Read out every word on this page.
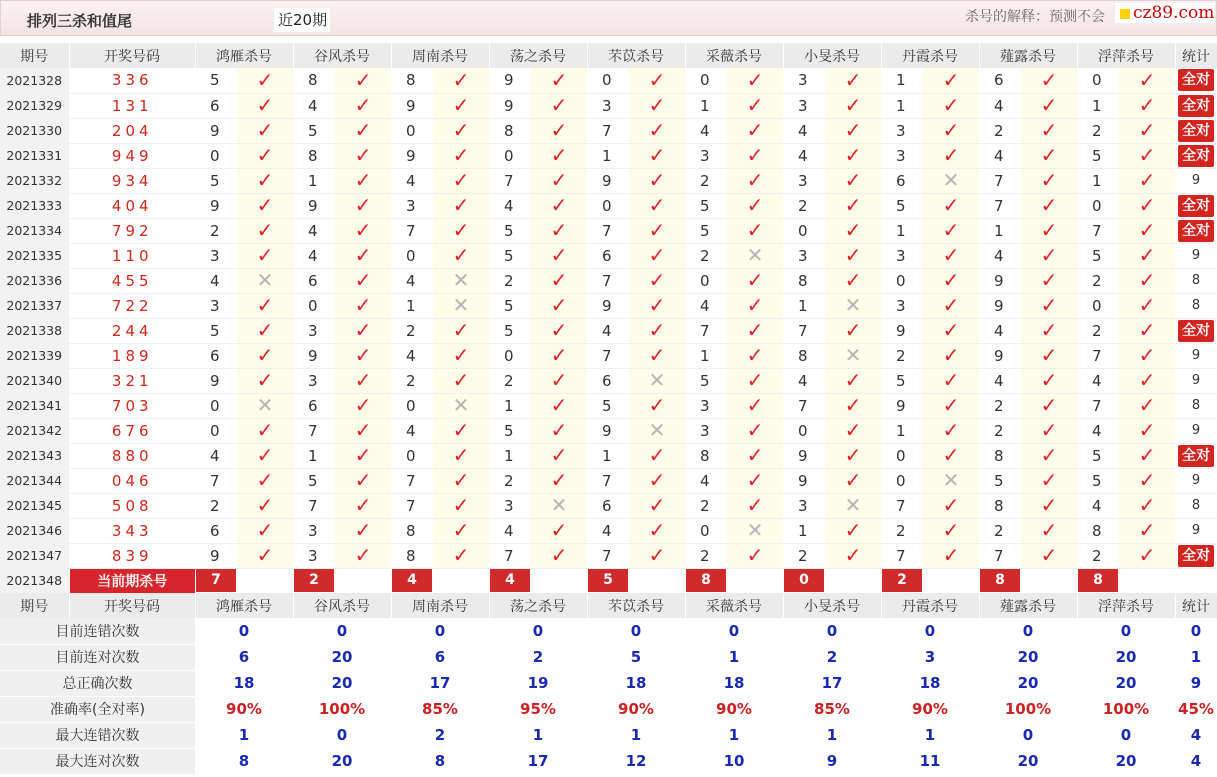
排列三杀和值尾	近20期	杀号的解释：预测不会	cz89.com
期号	开奖号码	鸿雁杀号		谷风杀号		周南杀号		荡之杀号		芣苡杀号		采薇杀号		小旻杀号		丹霞杀号		薤露杀号		浮萍杀号		统计
2021328	336	5	✓	8	✓	8	✓	9	✓	0	✓	0	✓	3	✓	1	✓	6	✓	0	✓	全对
2021329	131	6	✓	4	✓	9	✓	9	✓	3	✓	1	✓	3	✓	1	✓	4	✓	1	✓	全对
2021330	204	9	✓	5	✓	0	✓	8	✓	7	✓	4	✓	4	✓	3	✓	2	✓	2	✓	全对
2021331	949	0	✓	8	✓	9	✓	0	✓	1	✓	3	✓	4	✓	3	✓	4	✓	5	✓	全对
2021332	934	5	✓	1	✓	4	✓	7	✓	9	✓	2	✓	3	✓	6	✕	7	✓	1	✓	9
2021333	404	9	✓	9	✓	3	✓	4	✓	0	✓	5	✓	2	✓	5	✓	7	✓	0	✓	全对
2021334	792	2	✓	4	✓	7	✓	5	✓	7	✓	5	✓	0	✓	1	✓	1	✓	7	✓	全对
2021335	110	3	✓	4	✓	0	✓	5	✓	6	✓	2	✕	3	✓	3	✓	4	✓	5	✓	9
2021336	455	4	✕	6	✓	4	✕	2	✓	7	✓	0	✓	8	✓	0	✓	9	✓	2	✓	8
2021337	722	3	✓	0	✓	1	✕	5	✓	9	✓	4	✓	1	✕	3	✓	9	✓	0	✓	8
2021338	244	5	✓	3	✓	2	✓	5	✓	4	✓	7	✓	7	✓	9	✓	4	✓	2	✓	全对
2021339	189	6	✓	9	✓	4	✓	0	✓	7	✓	1	✓	8	✕	2	✓	9	✓	7	✓	9
2021340	321	9	✓	3	✓	2	✓	2	✓	6	✕	5	✓	4	✓	5	✓	4	✓	4	✓	9
2021341	703	0	✕	6	✓	0	✕	1	✓	5	✓	3	✓	7	✓	9	✓	2	✓	7	✓	8
2021342	676	0	✓	7	✓	4	✓	5	✓	9	✕	3	✓	0	✓	1	✓	2	✓	4	✓	9
2021343	880	4	✓	1	✓	0	✓	1	✓	1	✓	8	✓	9	✓	0	✓	8	✓	5	✓	全对
2021344	046	7	✓	5	✓	7	✓	2	✓	7	✓	4	✓	9	✓	0	✕	5	✓	5	✓	9
2021345	508	2	✓	7	✓	7	✓	3	✕	6	✓	2	✓	3	✕	7	✓	8	✓	4	✓	8
2021346	343	6	✓	3	✓	8	✓	4	✓	4	✓	0	✕	1	✓	2	✓	2	✓	8	✓	9
2021347	839	9	✓	3	✓	8	✓	7	✓	7	✓	2	✓	2	✓	7	✓	7	✓	2	✓	全对
2021348	当前期杀号	7		2		4		4		5		8		0		2		8		8		
期号	开奖号码	鸿雁杀号		谷风杀号		周南杀号		荡之杀号		芣苡杀号		采薇杀号		小旻杀号		丹霞杀号		薤露杀号		浮萍杀号		统计
目前连错次数		0		0		0		0		0		0		0		0		0		0		0
目前连对次数		6		20		6		2		5		1		2		3		20		20		1
总正确次数		18		20		17		19		18		18		17		18		20		20		9
准确率(全对率)		90%		100%		85%		95%		90%		90%		85%		90%		100%		100%		45%
最大连错次数		1		0		2		1		1		1		1		1		0		0		4
最大连对次数		8		20		8		17		12		10		9		11		20		20		4
